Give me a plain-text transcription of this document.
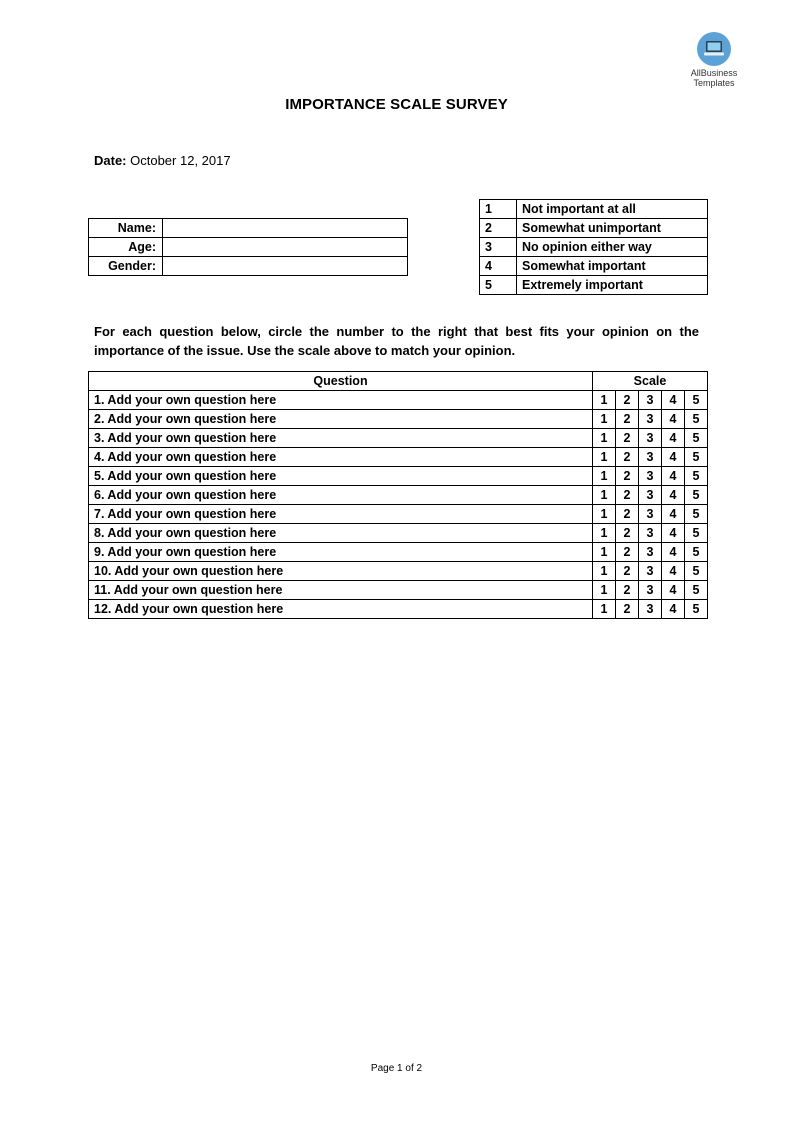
AllBusiness
Templates
IMPORTANCE SCALE SURVEY
Date: October 12, 2017
Name:	
Age:	
Gender:	
1	Not important at all
2	Somewhat unimportant
3	No opinion either way
4	Somewhat important
5	Extremely important
For each question below, circle the number to the right that best fits your opinion on the importance of the issue. Use the scale above to match your opinion.
Question	Scale				
1. Add your own question here	1	2	3	4	5
2. Add your own question here	1	2	3	4	5
3. Add your own question here	1	2	3	4	5
4. Add your own question here	1	2	3	4	5
5. Add your own question here	1	2	3	4	5
6. Add your own question here	1	2	3	4	5
7. Add your own question here	1	2	3	4	5
8. Add your own question here	1	2	3	4	5
9. Add your own question here	1	2	3	4	5
10. Add your own question here	1	2	3	4	5
11. Add your own question here	1	2	3	4	5
12. Add your own question here	1	2	3	4	5
Page 1 of 2
